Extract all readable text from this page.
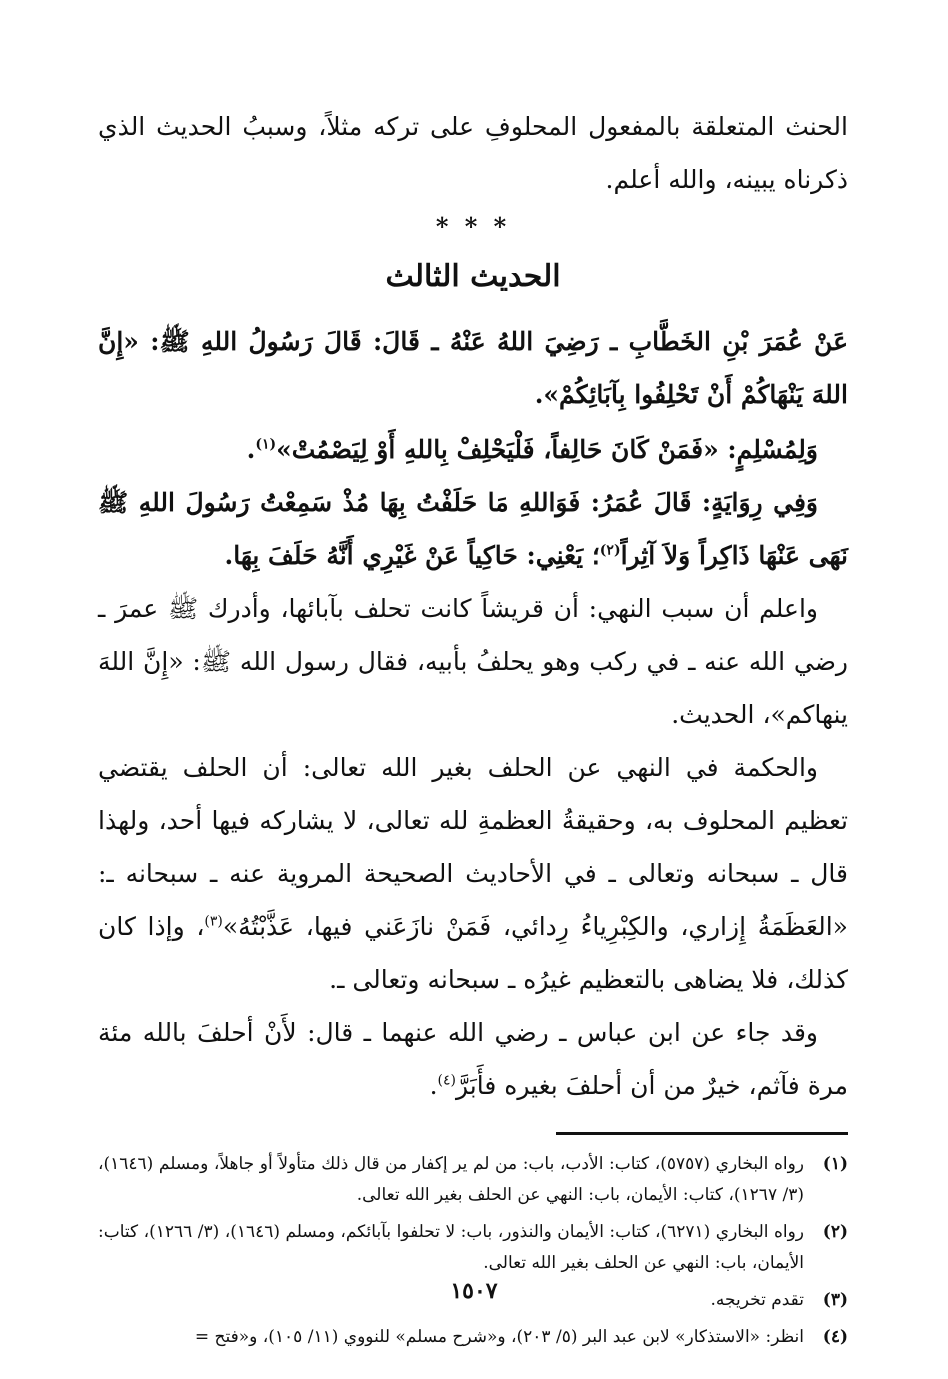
الحنث المتعلقة بالمفعول المحلوفِ على تركه مثلاً، وسببُ الحديث الذي ذكرناه يبينه، والله أعلم.

* * *
الحديث الثالث

عَنْ عُمَرَ بْنِ الخَطَّابِ ـ رَضِيَ اللهُ عَنْهُ ـ قَالَ: قَالَ رَسُولُ اللهِ ﷺ: «إِنَّ اللهَ يَنْهَاكُمْ أَنْ تَحْلِفُوا بِآبَائِكُمْ».

وَلِمُسْلِمٍ: «فَمَنْ كَانَ حَالِفاً، فَلْيَحْلِفْ بِاللهِ أَوْ لِيَصْمُتْ»$^{(١)}$.

وَفِي رِوَايَةٍ: قَالَ عُمَرُ: فَوَاللهِ مَا حَلَفْتُ بِهَا مُذْ سَمِعْتُ رَسُولَ اللهِ ﷺ نَهَى عَنْهَا ذَاكِراً وَلاَ آثِراً$^{(٢)}$؛ يَعْنِي: حَاكِياً عَنْ غَيْرِي أَنَّهُ حَلَفَ بِهَا.

واعلم أن سبب النهي: أن قريشاً كانت تحلف بآبائها، وأدرك ﷺ عمرَ ـ رضي الله عنه ـ في ركب وهو يحلفُ بأبيه، فقال رسول الله ﷺ: «إِنَّ اللهَ ينهاكم»، الحديث.

والحكمة في النهي عن الحلف بغير الله تعالى: أن الحلف يقتضي تعظيم المحلوف به، وحقيقةُ العظمةِ لله تعالى، لا يشاركه فيها أحد، ولهذا قال ـ سبحانه وتعالى ـ في الأحاديث الصحيحة المروية عنه ـ سبحانه ـ: «العَظَمَةُ إِزاري، والكِبْرِياءُ رِدائي، فَمَنْ نازَعَني فيها، عَذَّبْتُهُ»$^{(٣)}$، وإذا كان كذلك، فلا يضاهى بالتعظيم غيرُه ـ سبحانه وتعالى ـ.

وقد جاء عن ابن عباس ـ رضي الله عنهما ـ قال: لأَنْ أحلفَ بالله مئة مرة فآثم، خيرٌ من أن أحلفَ بغيره فأَبَرَّ$^{(٤)}$.

(١)
رواه البخاري (٥٧٥٧)، كتاب: الأدب، باب: من لم ير إكفار من قال ذلك متأولاً أو جاهلاً، ومسلم (١٦٤٦)، (٣/ ١٢٦٧)، كتاب: الأيمان، باب: النهي عن الحلف بغير الله تعالى.
(٢)
رواه البخاري (٦٢٧١)، كتاب: الأيمان والنذور، باب: لا تحلفوا بآبائكم، ومسلم (١٦٤٦)، (٣/ ١٢٦٦)، كتاب: الأيمان، باب: النهي عن الحلف بغير الله تعالى.
(٣)
تقدم تخريجه.
(٤)
انظر: «الاستذكار» لابن عبد البر (٥/ ٢٠٣)، و«شرح مسلم» للنووي (١١/ ١٠٥)، و«فتح =
١٥٠٧
